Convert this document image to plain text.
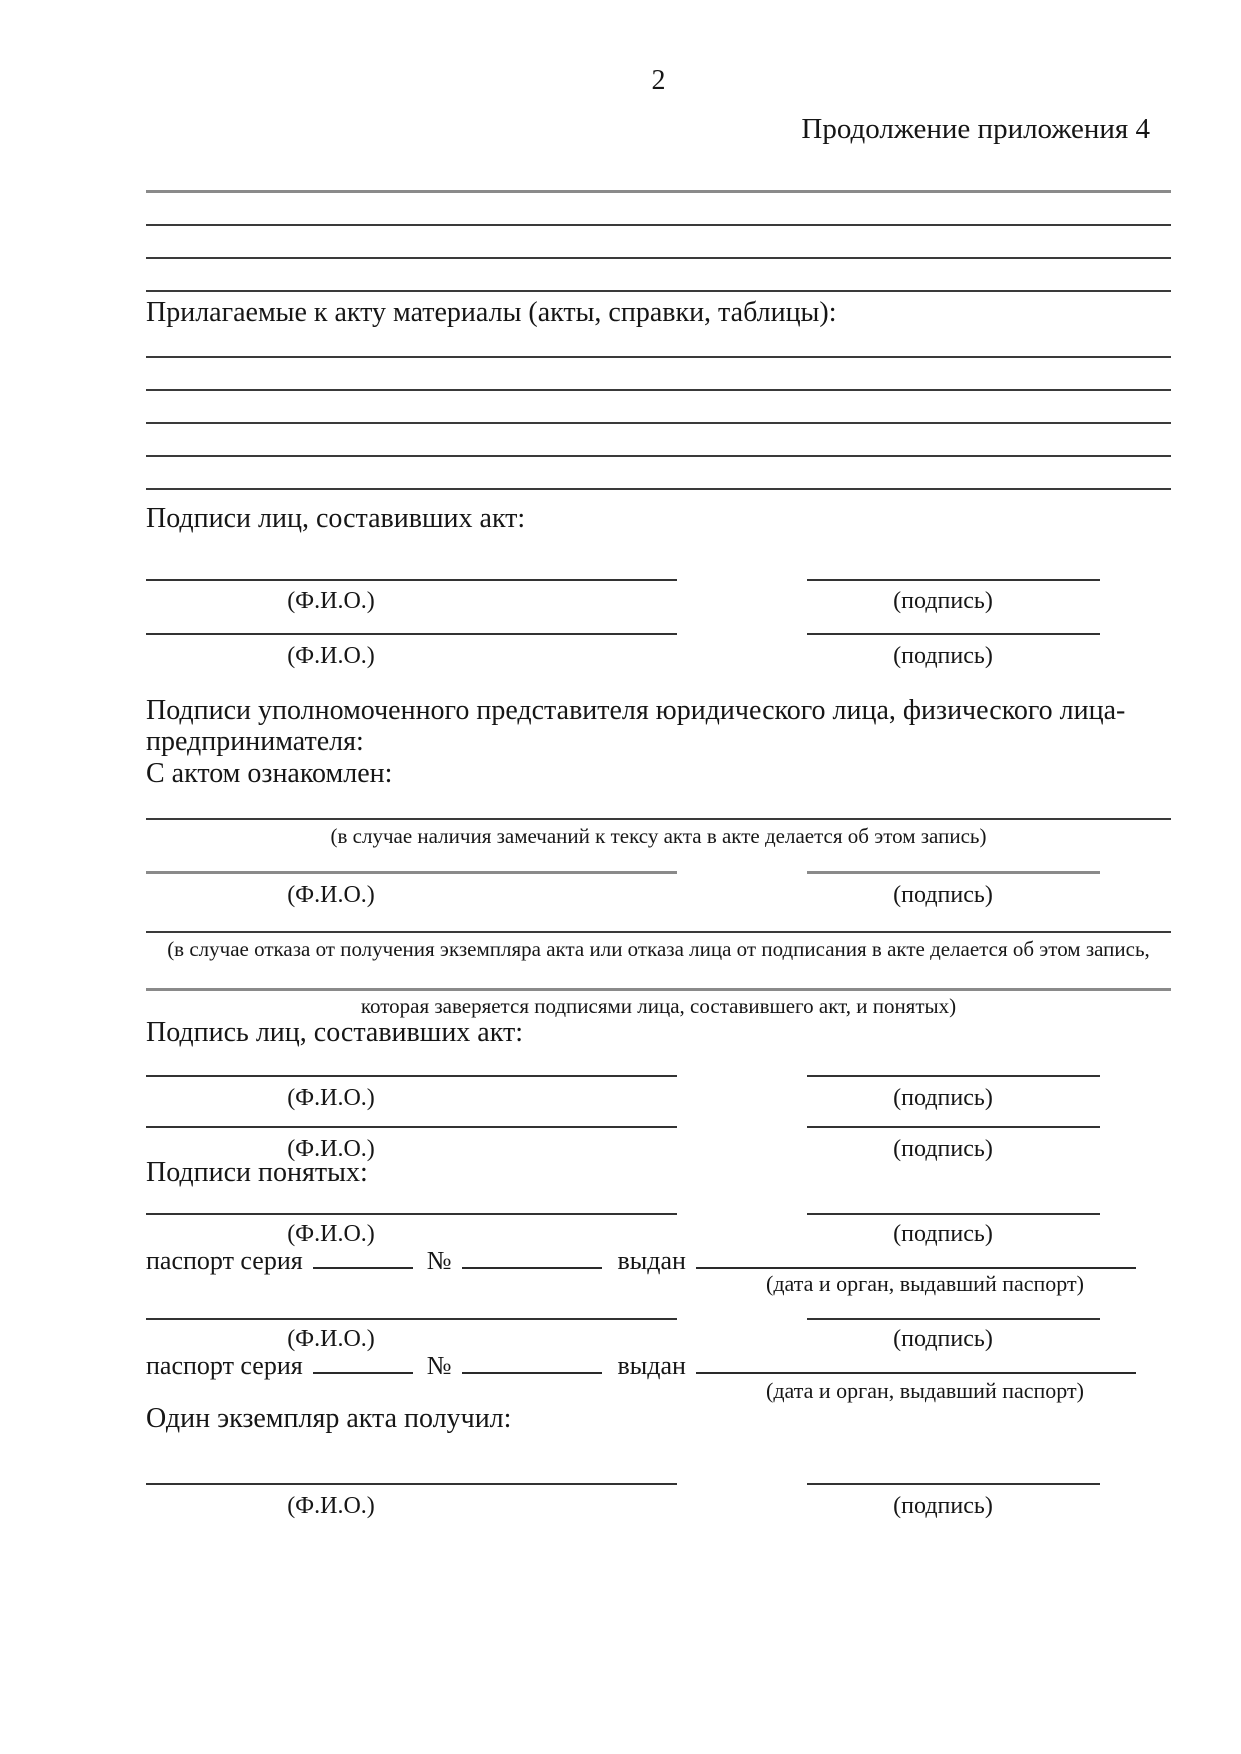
2
Продолжение приложения 4
Прилагаемые к акту материалы (акты, справки, таблицы):
Подписи лиц, составивших акт:
(Ф.И.О.)	(подпись)
(Ф.И.О.)	(подпись)
Подписи уполномоченного представителя юридического лица, физического лица-предпринимателя:
С актом ознакомлен:
(в случае наличия замечаний к тексу акта в акте делается об этом запись)
(Ф.И.О.)	(подпись)
(в случае отказа от получения экземпляра акта или отказа лица от подписания в акте делается об этом запись,
которая заверяется подписями лица, составившего акт, и понятых)
Подпись лиц, составивших акт:
(Ф.И.О.)	(подпись)
(Ф.И.О.)	(подпись)
Подписи понятых:
(Ф.И.О.)	(подпись)
паспорт серия	№	выдан
(дата и орган, выдавший паспорт)
(Ф.И.О.)	(подпись)
паспорт серия	№	выдан
(дата и орган, выдавший паспорт)
Один экземпляр акта получил:
(Ф.И.О.)	(подпись)
